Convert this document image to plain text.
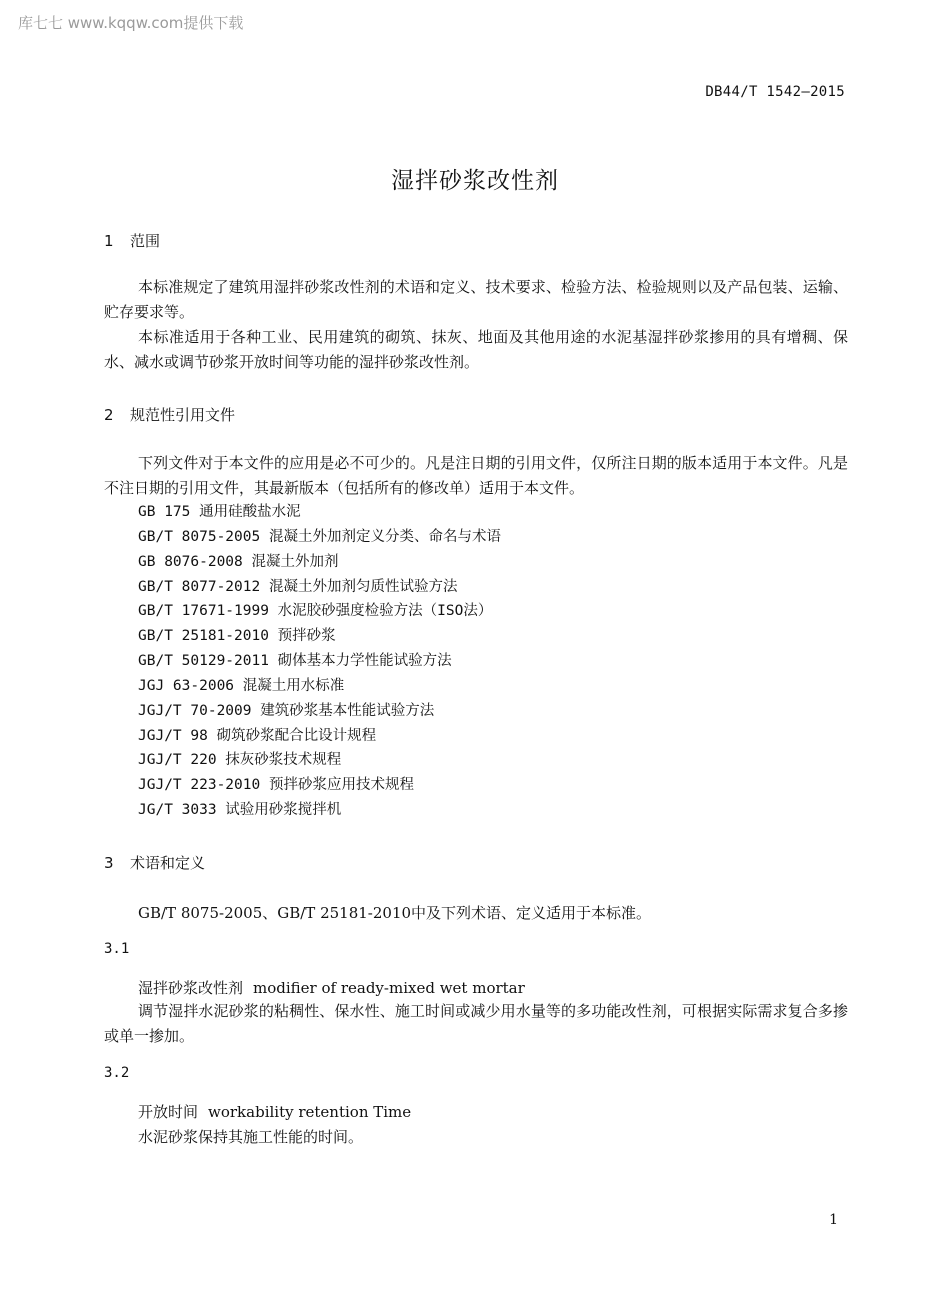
库七七 www.kqqw.com提供下载
DB44/T 1542—2015
湿拌砂浆改性剂
1 范围
本标准规定了建筑用湿拌砂浆改性剂的术语和定义、技术要求、检验方法、检验规则以及产品包装、运输、贮存要求等。
本标准适用于各种工业、民用建筑的砌筑、抹灰、地面及其他用途的水泥基湿拌砂浆掺用的具有增稠、保水、减水或调节砂浆开放时间等功能的湿拌砂浆改性剂。
2 规范性引用文件
下列文件对于本文件的应用是必不可少的。凡是注日期的引用文件，仅所注日期的版本适用于本文件。凡是不注日期的引用文件，其最新版本（包括所有的修改单）适用于本文件。
GB 175 通用硅酸盐水泥
GB/T 8075-2005 混凝土外加剂定义分类、命名与术语
GB 8076-2008 混凝土外加剂
GB/T 8077-2012 混凝土外加剂匀质性试验方法
GB/T 17671-1999 水泥胶砂强度检验方法（ISO法）
GB/T 25181-2010 预拌砂浆
GB/T 50129-2011 砌体基本力学性能试验方法
JGJ 63-2006 混凝土用水标准
JGJ/T 70-2009 建筑砂浆基本性能试验方法
JGJ/T 98 砌筑砂浆配合比设计规程
JGJ/T 220 抹灰砂浆技术规程
JGJ/T 223-2010 预拌砂浆应用技术规程
JG/T 3033 试验用砂浆搅拌机
3 术语和定义
GB/T 8075-2005、GB/T 25181-2010中及下列术语、定义适用于本标准。
3.1
湿拌砂浆改性剂 modifier of ready-mixed wet mortar
调节湿拌水泥砂浆的粘稠性、保水性、施工时间或减少用水量等的多功能改性剂，可根据实际需求复合多掺或单一掺加。
3.2
开放时间 workability retention Time
水泥砂浆保持其施工性能的时间。
1
